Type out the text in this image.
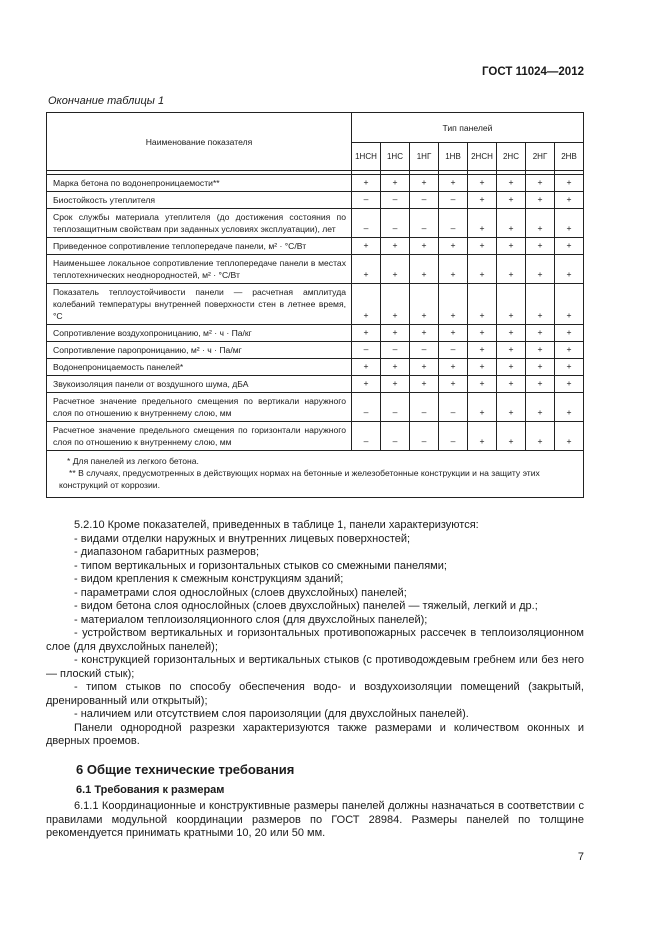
ГОСТ 11024—2012
Окончание таблицы 1
Наименование показателя	Тип панелей							
	1НСН	1НС	1НГ	1НВ	2НСН	2НС	2НГ	2НВ

Марка бетона по водонепроницаемости**	+	+	+	+	+	+	+	+
Биостойкость утеплителя	–	–	–	–	+	+	+	+
Срок службы материала утеплителя (до достижения состояния по теплозащитным свойствам при заданных условиях эксплуатации), лет	–	–	–	–	+	+	+	+
Приведенное сопротивление теплопередаче панели, м² · °С/Вт	+	+	+	+	+	+	+	+
Наименьшее локальное сопротивление теплопередаче панели в местах теплотехнических неоднородностей, м² · °С/Вт	+	+	+	+	+	+	+	+
Показатель теплоустойчивости панели — расчетная амплитуда колебаний температуры внутренней поверхности стен в летнее время, °С	+	+	+	+	+	+	+	+
Сопротивление воздухопроницанию, м² · ч · Па/кг	+	+	+	+	+	+	+	+
Сопротивление паропроницанию, м² · ч · Па/мг	–	–	–	–	+	+	+	+
Водонепроницаемость панелей*	+	+	+	+	+	+	+	+
Звукоизоляция панели от воздушного шума, дБА	+	+	+	+	+	+	+	+
Расчетное значение предельного смещения по вертикали наружного слоя по отношению к внутреннему слою, мм	–	–	–	–	+	+	+	+
Расчетное значение предельного смещения по горизонтали наружного слоя по отношению к внутреннему слою, мм	–	–	–	–	+	+	+	+

* Для панелей из легкого бетона.
** В случаях, предусмотренных в действующих нормах на бетонные и железобетонные конструкции и на защиту этих конструкций от коррозии.								

5.2.10 Кроме показателей, приведенных в таблице 1, панели характеризуются:

- видами отделки наружных и внутренних лицевых поверхностей;

- диапазоном габаритных размеров;

- типом вертикальных и горизонтальных стыков со смежными панелями;

- видом крепления к смежным конструкциям зданий;

- параметрами слоя однослойных (слоев двухслойных) панелей;

- видом бетона слоя однослойных (слоев двухслойных) панелей — тяжелый, легкий и др.;

- материалом теплоизоляционного слоя (для двухслойных панелей);

- устройством вертикальных и горизонтальных противопожарных рассечек в теплоизоляционном слое (для двухслойных панелей);

- конструкцией горизонтальных и вертикальных стыков (с противодождевым гребнем или без него — плоский стык);

- типом стыков по способу обеспечения водо- и воздухоизоляции помещений (закрытый, дренированный или открытый);

- наличием или отсутствием слоя пароизоляции (для двухслойных панелей).

Панели однородной разрезки характеризуются также размерами и количеством оконных и дверных проемов.

6 Общие технические требования
6.1 Требования к размерам

6.1.1 Координационные и конструктивные размеры панелей должны назначаться в соответствии с правилами модульной координации размеров по ГОСТ 28984. Размеры панелей по толщине рекомендуется принимать кратными 10, 20 или 50 мм.

7
